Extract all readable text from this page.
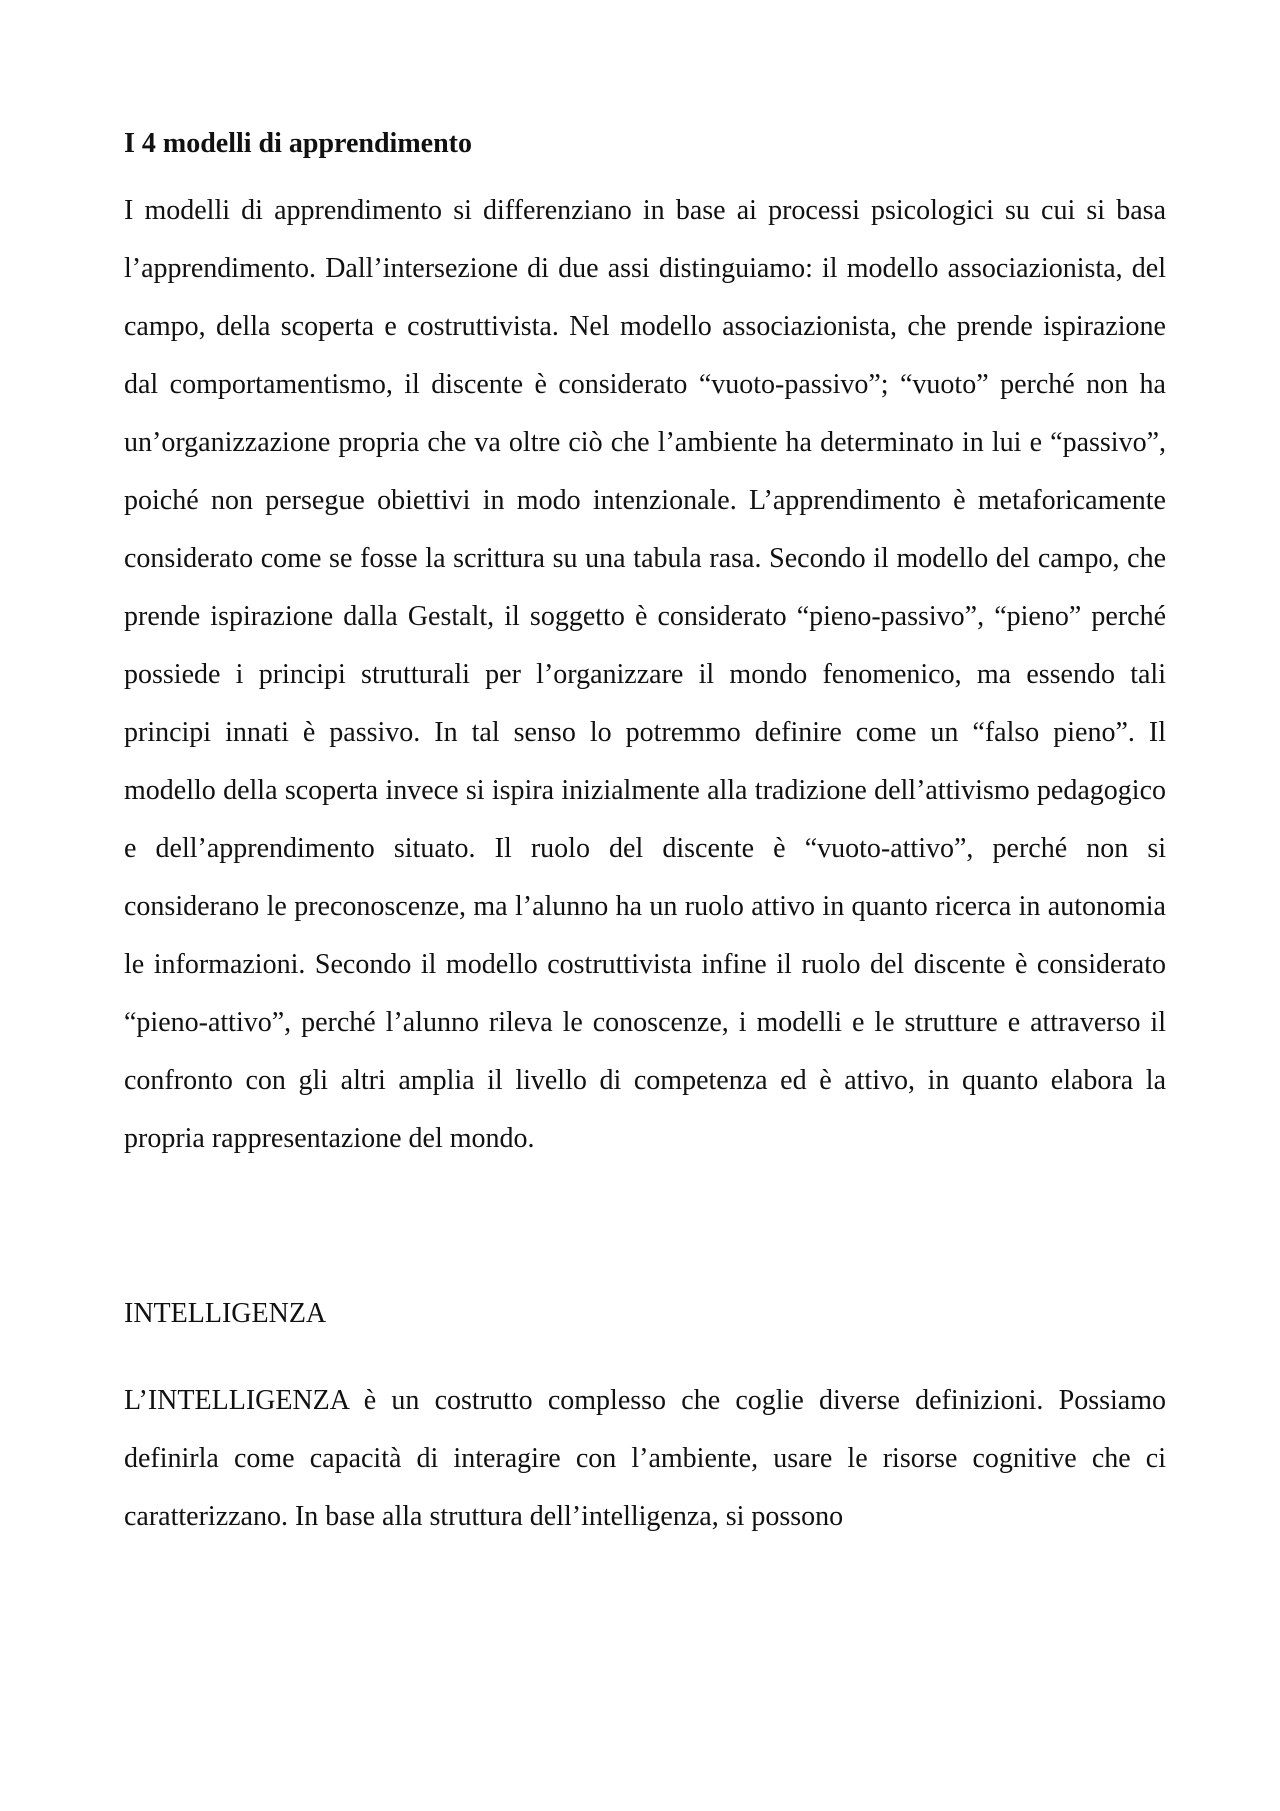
I 4 modelli di apprendimento

I modelli di apprendimento si differenziano in base ai processi psicologici su cui si basa l’apprendimento. Dall’intersezione di due assi distinguiamo: il modello associazionista, del campo, della scoperta e costruttivista. Nel modello associazionista, che prende ispirazione dal comportamentismo, il discente è considerato “vuoto-passivo”; “vuoto” perché non ha un’organizzazione propria che va oltre ciò che l’ambiente ha determinato in lui e “passivo”, poiché non persegue obiettivi in modo intenzionale. L’apprendimento è metaforicamente considerato come se fosse la scrittura su una tabula rasa. Secondo il modello del campo, che prende ispirazione dalla Gestalt, il soggetto è considerato “pieno-passivo”, “pieno” perché possiede i principi strutturali per l’organizzare il mondo fenomenico, ma essendo tali principi innati è passivo. In tal senso lo potremmo definire come un “falso pieno”. Il modello della scoperta invece si ispira inizialmente alla tradizione dell’attivismo pedagogico e dell’apprendimento situato. Il ruolo del discente è “vuoto-attivo”, perché non si considerano le preconoscenze, ma l’alunno ha un ruolo attivo in quanto ricerca in autonomia le informazioni. Secondo il modello costruttivista infine il ruolo del discente è considerato “pieno-attivo”, perché l’alunno rileva le conoscenze, i modelli e le strutture e attraverso il confronto con gli altri amplia il livello di competenza ed è attivo, in quanto elabora la propria rappresentazione del mondo.

INTELLIGENZA

L’INTELLIGENZA è un costrutto complesso che coglie diverse definizioni. Possiamo definirla come capacità di interagire con l’ambiente, usare le risorse cognitive che ci caratterizzano. In base alla struttura dell’intelligenza, si possono
